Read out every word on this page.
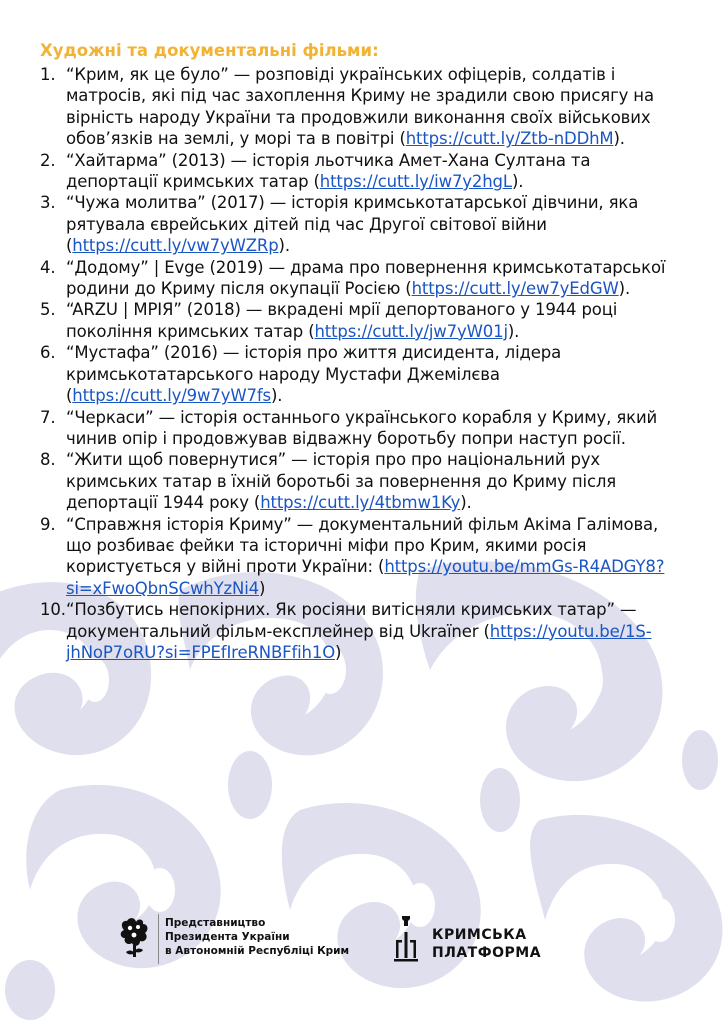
Художні та документальні фільми:
1. “Крим, як це було” — розповіді українських офіцерів, солдатів і матросів, які під час захоплення Криму не зрадили свою присягу на вірність народу України та продовжили виконання своїх військових обов’язків на землі, у морі та в повітрі (https://cutt.ly/Ztb-nDDhM).
2. “Хайтарма” (2013) — історія льотчика Амет-Хана Султана та депортації кримських татар (https://cutt.ly/iw7y2hgL).
3. “Чужа молитва” (2017) — історія кримськотатарської дівчини, яка рятувала єврейських дітей під час Другої світової війни (https://cutt.ly/vw7yWZRp).
4. “Додому” | Evge (2019) — драма про повернення кримськотатарської родини до Криму після окупації Росією (https://cutt.ly/ew7yEdGW).
5. “ARZU | МРІЯ” (2018) — вкрадені мрії депортованого у 1944 році покоління кримських татар (https://cutt.ly/jw7yW01j).
6. “Мустафа” (2016) — історія про життя дисидента, лідера кримськотатарського народу Мустафи Джемілєва (https://cutt.ly/9w7yW7fs).
7. “Черкаси” — історія останнього українського корабля у Криму, який чинив опір і продовжував відважну боротьбу попри наступ росії.
8. “Жити щоб повернутися” — історія про про національний рух кримських татар в їхній боротьбі за повернення до Криму після депортації 1944 року (https://cutt.ly/4tbmw1Ky).
9. “Справжня історія Криму” — документальний фільм Акіма Галімова, що розбиває фейки та історичні міфи про Крим, якими росія користується у війні проти України: (https://youtu.be/mmGs-R4ADGY8?si=xFwoQbnSCwhYzNi4)
10. “Позбутись непокірних. Як росіяни витісняли кримських татар” — документальний фільм-експлейнер від Ukraїner (https://youtu.be/1S-jhNoP7oRU?si=FPEfIreRNBFfih1O)
Представництво
Президента України
в Автономній Республіці Крим
КРИМСЬКА
ПЛАТФОРМА
